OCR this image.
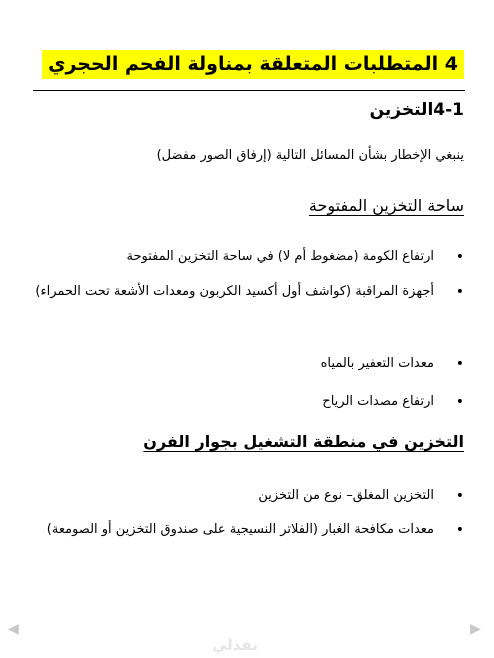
4 المتطلبات المتعلقة بمناولة الفحم الحجري
4-1التخزين
ينبغي الإخطار بشأن المسائل التالية (إرفاق الصور مفضل)
ساحة التخزين المفتوحة
•
ارتفاع الكومة (مضغوط أم لا) في ساحة التخزين المفتوحة
•
أجهزة المراقبة (كواشف أول أكسيد الكربون ومعدات الأشعة تحت الحمراء)
•
معدات التعفير بالمياه
•
ارتفاع مصدات الرياح
التخزين في منطقة التشغيل بجوار الفرن
•
التخزين المغلق– نوع من التخزين
•
معدات مكافحة الغبار (الفلاتر النسيجية على صندوق التخزين أو الصومعة)
◀	▶
نفذلي
